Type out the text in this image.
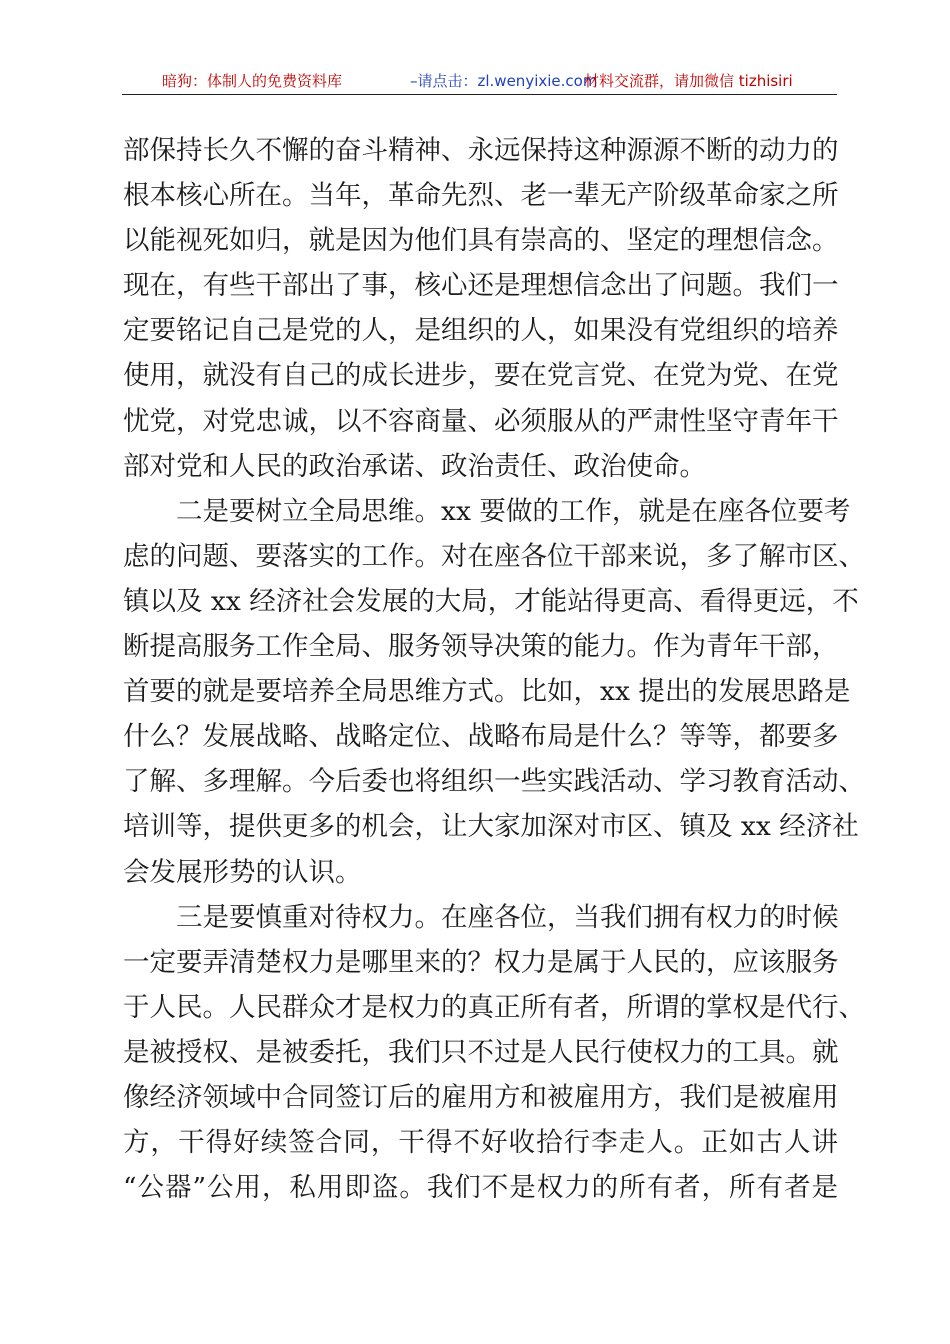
暗狗：体制人的免费资料库	–请点击：zl.wenyixie.com
材料交流群，请加微信 tizhisiri
部保持长久不懈的奋斗精神、永远保持这种源源不断的动力的
根本核心所在。当年，革命先烈、老一辈无产阶级革命家之所
以能视死如归，就是因为他们具有崇高的、坚定的理想信念。
现在，有些干部出了事，核心还是理想信念出了问题。我们一
定要铭记自己是党的人，是组织的人，如果没有党组织的培养
使用，就没有自己的成长进步，要在党言党、在党为党、在党
忧党，对党忠诚，以不容商量、必须服从的严肃性坚守青年干
部对党和人民的政治承诺、政治责任、政治使命。
二是要树立全局思维。xx 要做的工作，就是在座各位要考
虑的问题、要落实的工作。对在座各位干部来说，多了解市区、
镇以及 xx 经济社会发展的大局，才能站得更高、看得更远，不
断提高服务工作全局、服务领导决策的能力。作为青年干部，
首要的就是要培养全局思维方式。比如，xx 提出的发展思路是
什么？发展战略、战略定位、战略布局是什么？等等，都要多
了解、多理解。今后委也将组织一些实践活动、学习教育活动、
培训等，提供更多的机会，让大家加深对市区、镇及 xx 经济社
会发展形势的认识。
三是要慎重对待权力。在座各位，当我们拥有权力的时候
一定要弄清楚权力是哪里来的？权力是属于人民的，应该服务
于人民。人民群众才是权力的真正所有者，所谓的掌权是代行、
是被授权、是被委托，我们只不过是人民行使权力的工具。就
像经济领域中合同签订后的雇用方和被雇用方，我们是被雇用
方，干得好续签合同，干得不好收拾行李走人。正如古人讲
“公器”公用，私用即盗。我们不是权力的所有者，所有者是
